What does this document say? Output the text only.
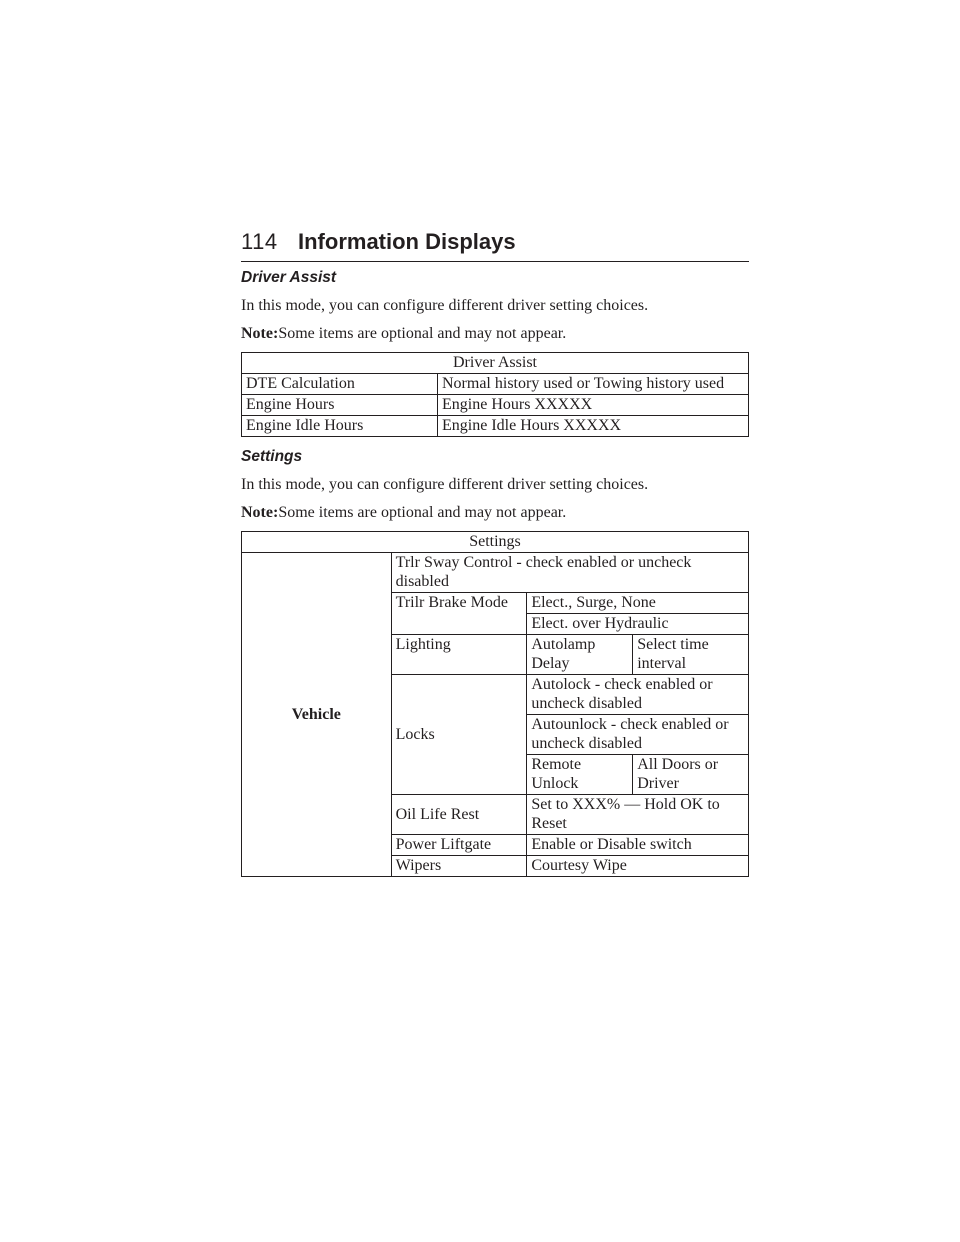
114 Information Displays
Driver Assist

In this mode, you can configure different driver setting choices.

Note:Some items are optional and may not appear.

Driver Assist	
DTE Calculation	Normal history used or Towing history used
Engine Hours	Engine Hours XXXXX
Engine Idle Hours	Engine Idle Hours XXXXX
Settings

In this mode, you can configure different driver setting choices.

Note:Some items are optional and may not appear.

Settings			
Vehicle	Trlr Sway Control - check enabled or uncheck disabled		
	Trilr Brake Mode	Elect., Surge, None	
		Elect. over Hydraulic	
	Lighting	Autolamp Delay	Select time interval
	Locks	Autolock - check enabled or uncheck disabled	
		Autounlock - check enabled or uncheck disabled	
		Remote Unlock	All Doors or Driver
	Oil Life Rest	Set to XXX% — Hold OK to Reset	
	Power Liftgate	Enable or Disable switch	
	Wipers	Courtesy Wipe	
